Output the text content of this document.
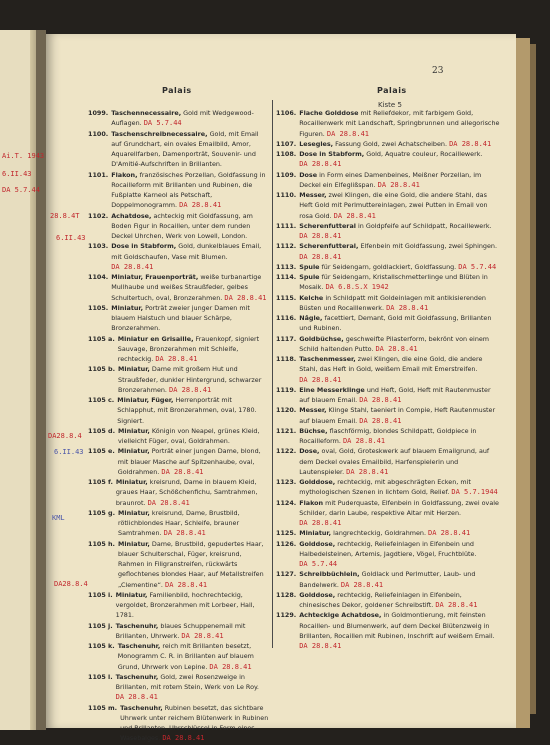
23
Palais	Palais
Kiste 5
1099. Taschennecessaire, Gold mit Wedgewood-Auflagen. DA 5.7.44
1100. Taschenschreibnecessaire, Gold, mit Email auf Grundchart, ein ovales Emailbild, Amor, Aquarellfarben, Damenporträt, Souvenir- und D'Amitié-Aufschriften in Brillanten.
1101. Flakon, französisches Porzellan, Goldfassung in Rocailleform mit Brillanten und Rubinen, die Fußplatte Karneol als Petschaft, Doppelmonogramm. DA 28.8.41
1102. Achatdose, achteckig mit Goldfassung, am Boden Figur in Rocaillen, unter dem runden Deckel Uhrchen, Werk von Lowell, London.
1103. Dose in Stabform, Gold, dunkelblaues Email, mit Goldschaufen, Vase mit Blumen. DA 28.8.41
1104. Miniatur, Frauenporträt, weiße turbanartige Mullhaube und weißes Straußfeder, gelbes Schultertuch, oval, Bronzerahmen. DA 28.8.41
1105. Miniatur, Porträt zweier junger Damen mit blauem Halstuch und blauer Schärpe, Bronzerahmen.
1105 a. Miniatur en Grisaille, Frauenkopf, signiert Sauvage, Bronzerahmen mit Schleife, rechteckig. DA 28.8.41
1105 b. Miniatur, Dame mit großem Hut und Straußfeder, dunkler Hintergrund, schwarzer Bronzerahmen. DA 28.8.41
1105 c. Miniatur, Füger, Herrenporträt mit Schlapphut, mit Bronzerahmen, oval, 1780. Signiert.
1105 d. Miniatur, Königin von Neapel, grünes Kleid, vielleicht Füger, oval, Goldrahmen.
1105 e. Miniatur, Porträt einer jungen Dame, blond, mit blauer Masche auf Spitzenhaube, oval, Goldrahmen. DA 28.8.41
1105 f. Miniatur, kreisrund, Dame in blauem Kleid, graues Haar, Schößchenfichu, Samtrahmen, braunrot. DA 28.8.41
1105 g. Miniatur, kreisrund, Dame, Brustbild, rötlichblondes Haar, Schleife, brauner Samtrahmen. DA 28.8.41
1105 h. Miniatur, Dame, Brustbild, gepudertes Haar, blauer Schulterschal, Füger, kreisrund, Rahmen in Filigranstreifen, rückwärts geflochtenes blondes Haar, auf Metallstreifen „Clementine“. DA 28.8.41
1105 i. Miniatur, Familienbild, hochrechteckig, vergoldet, Bronzerahmen mit Lorbeer, Hall, 1781.
1105 j. Taschenuhr, blaues Schuppenemail mit Brillanten, Uhrwerk. DA 28.8.41
1105 k. Taschenuhr, reich mit Brillanten besetzt, Monogramm C. R. in Brillanten auf blauem Grund, Uhrwerk von Lepine. DA 28.8.41
1105 l. Taschenuhr, Gold, zwei Rosenzweige in Brillanten, mit rotem Stein, Werk von Le Roy. DA 28.8.41
1105 m. Taschenuhr, Rubinen besetzt, das sichtbare Uhrwerk unter reichem Blütenwerk in Rubinen und Brillanten, Uhrschlüssel in Form eines Wasebalges. DA 28.8.41
1106. Flache Golddose mit Reliefdekor, mit farbigem Gold, Rocaillenwerk mit Landschaft, Springbrunnen und allegorische Figuren. DA 28.8.41
1107. Lesegles, Fassung Gold, zwei Achatscheiben. DA 28.8.41
1108. Dose in Stabform, Gold, Aquatre couleur, Rocaillewerk. DA 28.8.41
1109. Dose in Form eines Damenbeines, Meißner Porzellan, im Deckel ein Elfeglißspan. DA 28.8.41
1110. Messer, zwei Klingen, die eine Gold, die andere Stahl, das Heft Gold mit Perlmuttereinlagen, zwei Putten in Email von rosa Gold. DA 28.8.41
1111. Scherenfutteral in Goldpfeife auf Schildpatt, Rocaillewerk. DA 28.8.41
1112. Scherenfutteral, Elfenbein mit Goldfassung, zwei Sphingen. DA 28.8.41
1113. Spule für Seidengarn, goldlackiert, Goldfassung. DA 5.7.44
1114. Spule für Seidengarn, Kristallschmetterlinge und Blüten in Mosaik. DA 6.8.S.X 1942
1115. Kelche in Schildpatt mit Goldeinlagen mit antikisierenden Büsten und Rocaillenwerk. DA 28.8.41
1116. Nâgle, facettiert, Demant, Gold mit Goldfassung, Brillanten und Rubinen.
1117. Goldbüchse, geschweifte Pilasterform, bekrönt von einem Schild haltenden Putto. DA 28.8.41
1118. Taschenmesser, zwei Klingen, die eine Gold, die andere Stahl, das Heft in Gold, weißem Email mit Emerstreifen. DA 28.8.41
1119. Eine Messerklinge und Heft, Gold, Heft mit Rautenmuster auf blauem Email. DA 28.8.41
1120. Messer, Klinge Stahl, taeniert in Compie, Heft Rautenmuster auf blauem Email. DA 28.8.41
1121. Büchse, flaschförmig, blondes Schildpatt, Goldpiece in Rocailleform. DA 28.8.41
1122. Dose, oval, Gold, Groteskwerk auf blauem Emailgrund, auf dem Deckel ovales Emailbild, Harfenspielerin und Lautenspieler. DA 28.8.41
1123. Golddose, rechteckig, mit abgeschrägten Ecken, mit mythologischen Szenen in lichtem Gold, Relief. DA 5.7.1944
1124. Flakon mit Puderquaste, Elfenbein in Goldfassung, zwei ovale Schilder, darin Laube, respektive Altar mit Herzen. DA 28.8.41
1125. Miniatur, langrechteckig, Goldrahmen. DA 28.8.41
1126. Golddose, rechteckig, Reliefeinlagen in Elfenbein und Halbedelsteinen, Artemis, Jagdtiere, Vögel, Fruchtblüte. DA 5.7.44
1127. Schreibbüchlein, Goldlack und Perlmutter, Laub- und Bandelwerk. DA 28.8.41
1128. Golddose, rechteckig, Reliefeinlagen in Elfenbein, chinesisches Dekor, goldener Schreibstift. DA 28.8.41
1129. Achteckige Achatdose, in Goldmontierung, mit feinsten Rocaillen- und Blumenwerk, auf dem Deckel Blütenzweig in Brillanten, Rocaillen mit Rubinen, Inschrift auf weißem Email. DA 28.8.41
Ai.T. 1943
6.II.43
DA 5.7.44
28.8.4T
6.II.43
DA28.8.4
6.II.43
KML
DA28.8.4
